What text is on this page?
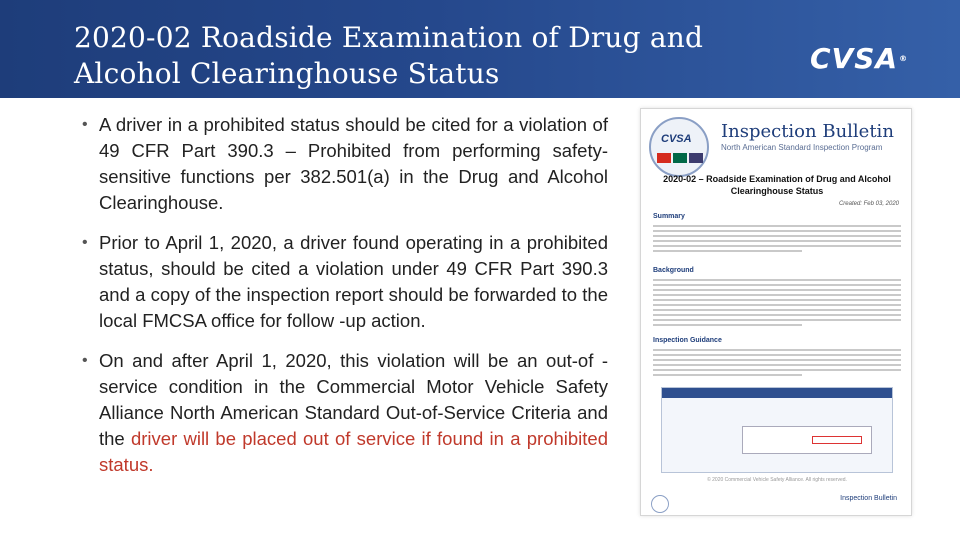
2020-02 Roadside Examination of Drug and
Alcohol Clearinghouse Status	CVSA®

• A driver in a prohibited status should be cited for a violation of 49 CFR Part 390.3 – Prohibited from performing safety-sensitive functions per 382.501(a) in the Drug and Alcohol Clearinghouse.

• Prior to April 1, 2020, a driver found operating in a prohibited status, should be cited a violation under 49 CFR Part 390.3 and a copy of the inspection report should be forwarded to the local FMCSA office for follow -up action.

• On and after April 1, 2020, this violation will be an out-of -service condition in the Commercial Motor Vehicle Safety Alliance North American Standard Out-of-Service Criteria and the driver will be placed out of service if found in a prohibited status.

CVSA Inspection Bulletin
North American Standard Inspection Program
2020-02 – Roadside Examination of Drug and Alcohol Clearinghouse Status
Created: Feb 03, 2020
Summary
Background
Inspection Guidance
© 2020 Commercial Vehicle Safety Alliance. All rights reserved.
Inspection Bulletin
